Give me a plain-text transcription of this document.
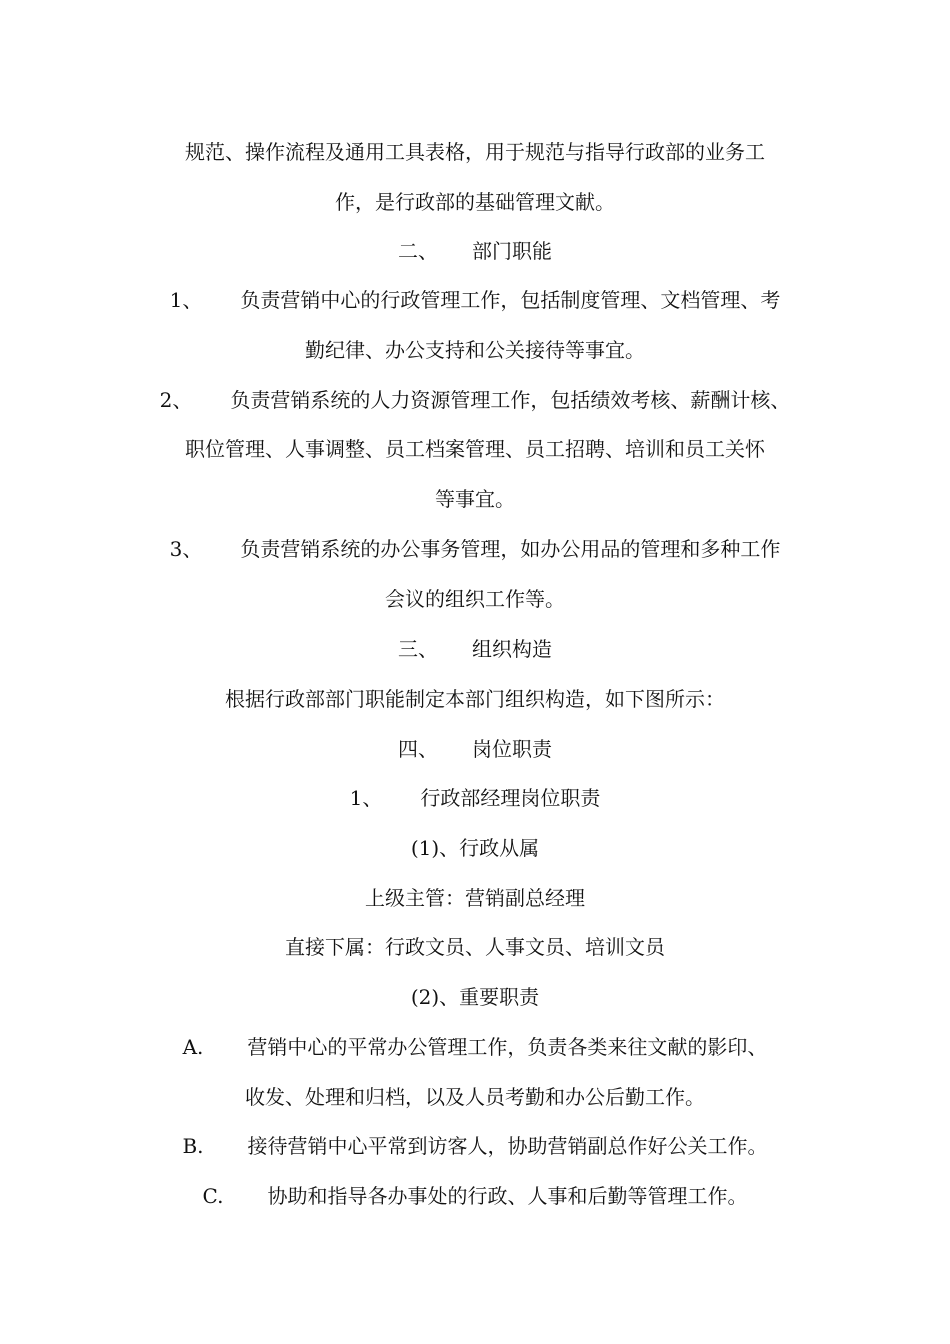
规范、操作流程及通用工具表格，用于规范与指导行政部的业务工
作，是行政部的基础管理文献。
二、 部门职能
1、 负责营销中心的行政管理工作，包括制度管理、文档管理、考
勤纪律、办公支持和公关接待等事宜。
2、 负责营销系统的人力资源管理工作，包括绩效考核、薪酬计核、
职位管理、人事调整、员工档案管理、员工招聘、培训和员工关怀
等事宜。
3、 负责营销系统的办公事务管理，如办公用品的管理和多种工作
会议的组织工作等。
三、 组织构造
根据行政部部门职能制定本部门组织构造，如下图所示：
四、 岗位职责
1、 行政部经理岗位职责
(1)、行政从属
上级主管：营销副总经理
直接下属：行政文员、人事文员、培训文员
(2)、重要职责
A. 营销中心的平常办公管理工作，负责各类来往文献的影印、
收发、处理和归档，以及人员考勤和办公后勤工作。
B. 接待营销中心平常到访客人，协助营销副总作好公关工作。
C. 协助和指导各办事处的行政、人事和后勤等管理工作。
